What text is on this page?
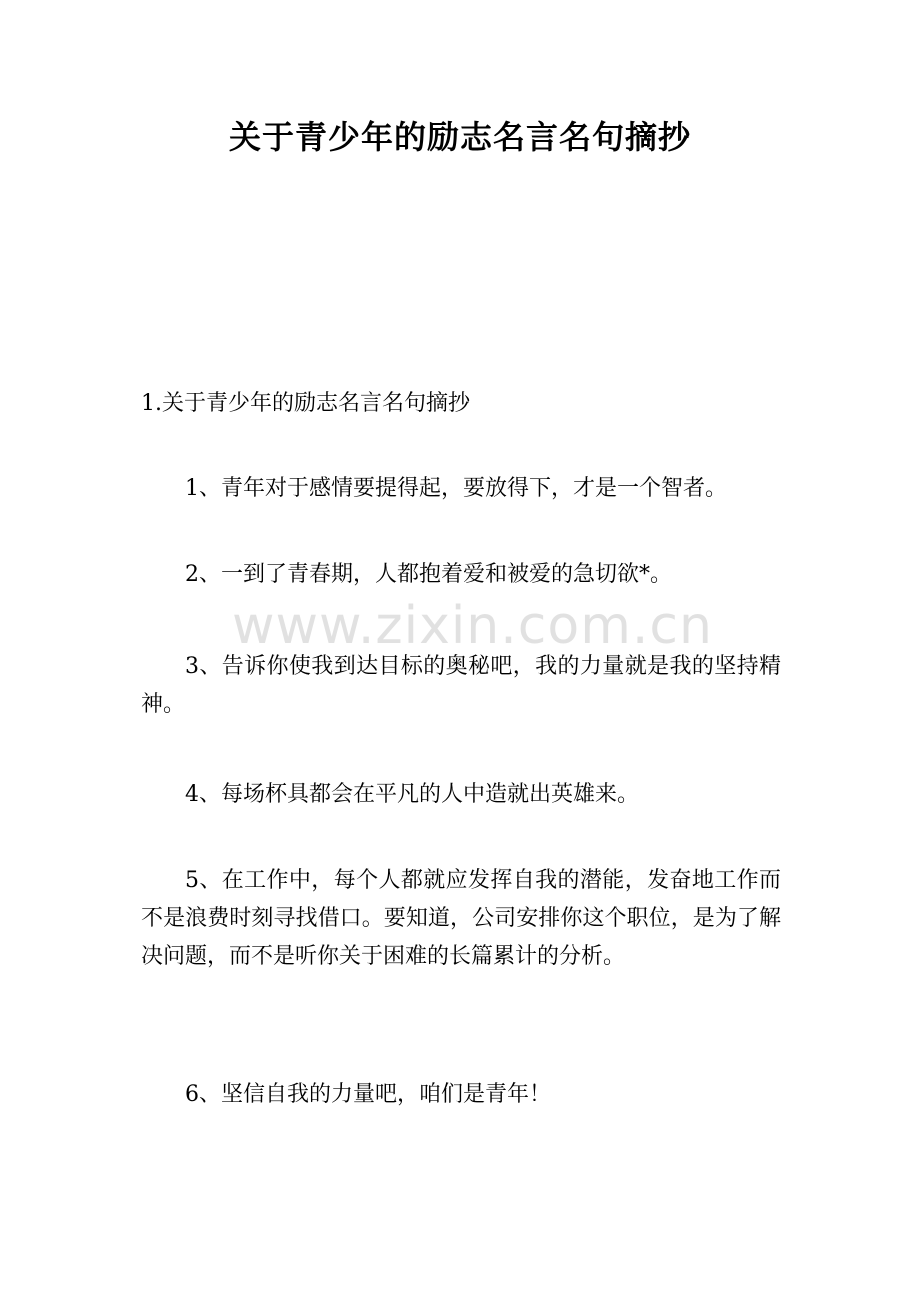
关于青少年的励志名言名句摘抄

1.关于青少年的励志名言名句摘抄

1、青年对于感情要提得起，要放得下，才是一个智者。

2、一到了青春期，人都抱着爱和被爱的急切欲*。

3、告诉你使我到达目标的奥秘吧，我的力量就是我的坚持精神。

4、每场杯具都会在平凡的人中造就出英雄来。

5、在工作中，每个人都就应发挥自我的潜能，发奋地工作而不是浪费时刻寻找借口。要知道，公司安排你这个职位，是为了解决问题，而不是听你关于困难的长篇累计的分析。

6、坚信自我的力量吧，咱们是青年！

www.zixin.com.cn
